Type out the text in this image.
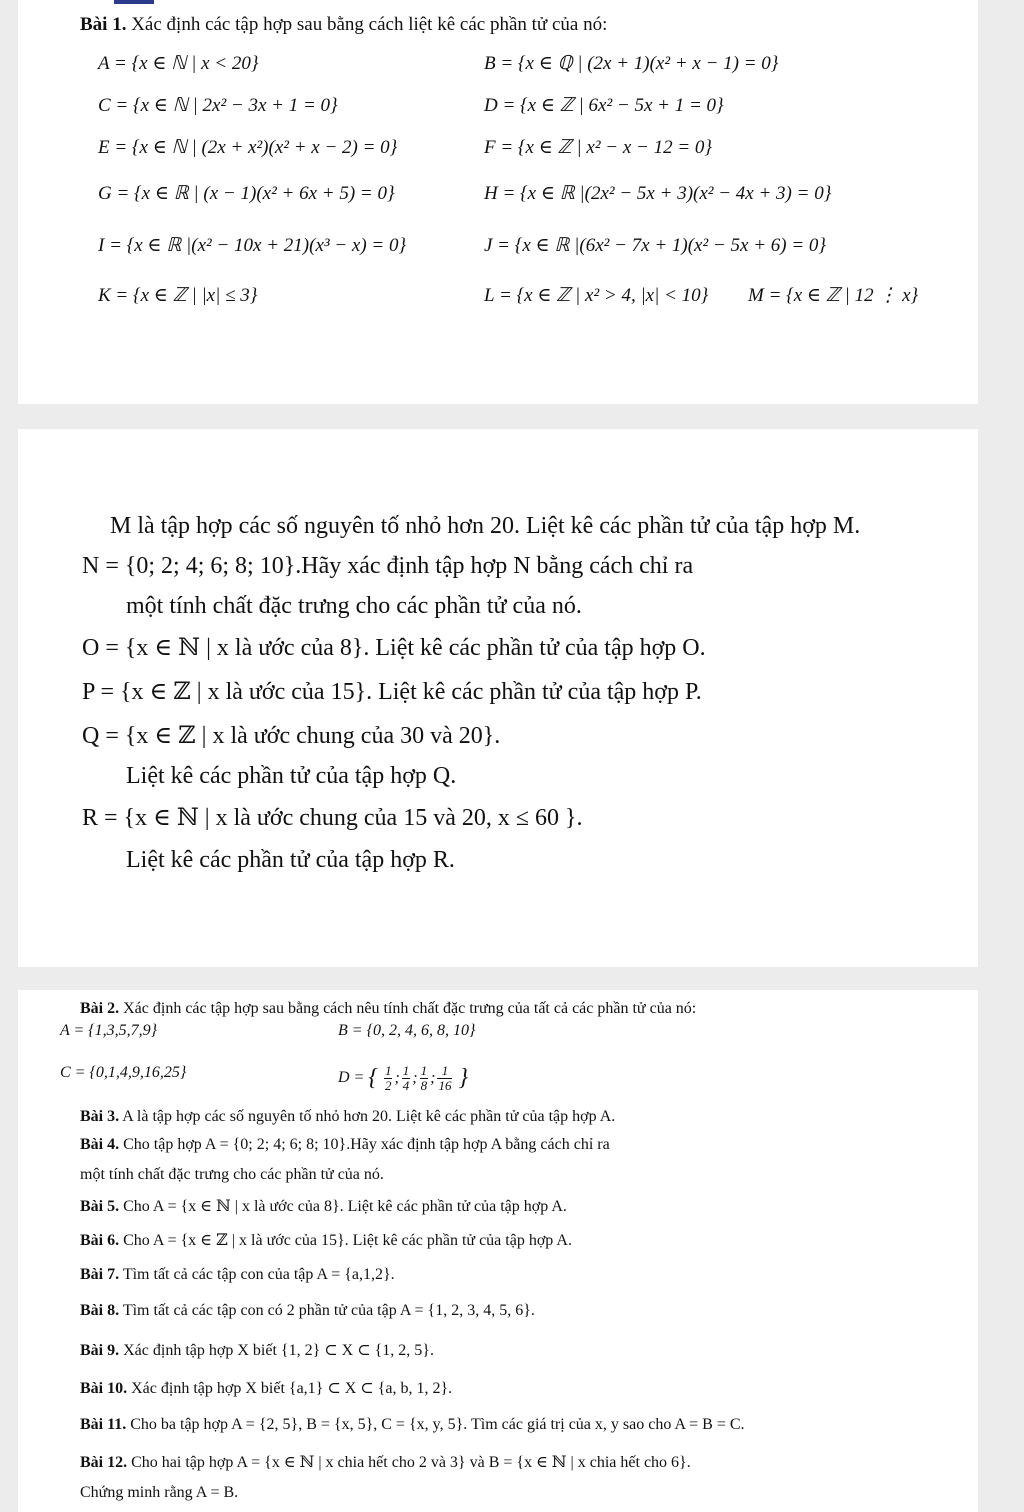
Bài 1. Xác định các tập hợp sau bằng cách liệt kê các phần tử của nó:
A = {x ∈ ℕ | x < 20}	B = {x ∈ ℚ | (2x + 1)(x² + x − 1) = 0}
C = {x ∈ ℕ | 2x² − 3x + 1 = 0}	D = {x ∈ ℤ | 6x² − 5x + 1 = 0}
E = {x ∈ ℕ | (2x + x²)(x² + x − 2) = 0}	F = {x ∈ ℤ | x² − x − 12 = 0}
G = {x ∈ ℝ | (x − 1)(x² + 6x + 5) = 0}	H = {x ∈ ℝ |(2x² − 5x + 3)(x² − 4x + 3) = 0}
I = {x ∈ ℝ |(x² − 10x + 21)(x³ − x) = 0}	J = {x ∈ ℝ |(6x² − 7x + 1)(x² − 5x + 6) = 0}
K = {x ∈ ℤ | |x| ≤ 3}	L = {x ∈ ℤ | x² > 4, |x| < 10} M = {x ∈ ℤ | 12 ⋮ x}
M là tập hợp các số nguyên tố nhỏ hơn 20. Liệt kê các phần tử của tập hợp M.
N = {0; 2; 4; 6; 8; 10}.Hãy xác định tập hợp N bằng cách chỉ ra
một tính chất đặc trưng cho các phần tử của nó.
O = {x ∈ ℕ | x là ước của 8}. Liệt kê các phần tử của tập hợp O.
P = {x ∈ ℤ | x là ước của 15}. Liệt kê các phần tử của tập hợp P.
Q = {x ∈ ℤ | x là ước chung của 30 và 20}.
Liệt kê các phần tử của tập hợp Q.
R = {x ∈ ℕ | x là ước chung của 15 và 20, x ≤ 60 }.
Liệt kê các phần tử của tập hợp R.
Bài 2. Xác định các tập hợp sau bằng cách nêu tính chất đặc trưng của tất cả các phần tử của nó:
A = {1,3,5,7,9}	B = {0, 2, 4, 6, 8, 10}
C = {0,1,4,9,16,25}	D = { $\frac{1}{2}$ ; $\frac{1}{4}$ ; $\frac{1}{8}$ ; $\frac{1}{16}$ }
Bài 3. A là tập hợp các số nguyên tố nhỏ hơn 20. Liệt kê các phần tử của tập hợp A.
Bài 4. Cho tập hợp A = {0; 2; 4; 6; 8; 10}.Hãy xác định tập hợp A bằng cách chỉ ra
một tính chất đặc trưng cho các phần tử của nó.
Bài 5. Cho A = {x ∈ ℕ | x là ước của 8}. Liệt kê các phần tử của tập hợp A.
Bài 6. Cho A = {x ∈ ℤ | x là ước của 15}. Liệt kê các phần tử của tập hợp A.
Bài 7. Tìm tất cả các tập con của tập A = {a,1,2}.
Bài 8. Tìm tất cả các tập con có 2 phần tử của tập A = {1, 2, 3, 4, 5, 6}.
Bài 9. Xác định tập hợp X biết {1, 2} ⊂ X ⊂ {1, 2, 5}.
Bài 10. Xác định tập hợp X biết {a,1} ⊂ X ⊂ {a, b, 1, 2}.
Bài 11. Cho ba tập hợp A = {2, 5}, B = {x, 5}, C = {x, y, 5}. Tìm các giá trị của x, y sao cho A = B = C.
Bài 12. Cho hai tập hợp A = {x ∈ ℕ | x chia hết cho 2 và 3} và B = {x ∈ ℕ | x chia hết cho 6}.
Chứng minh rằng A = B.
